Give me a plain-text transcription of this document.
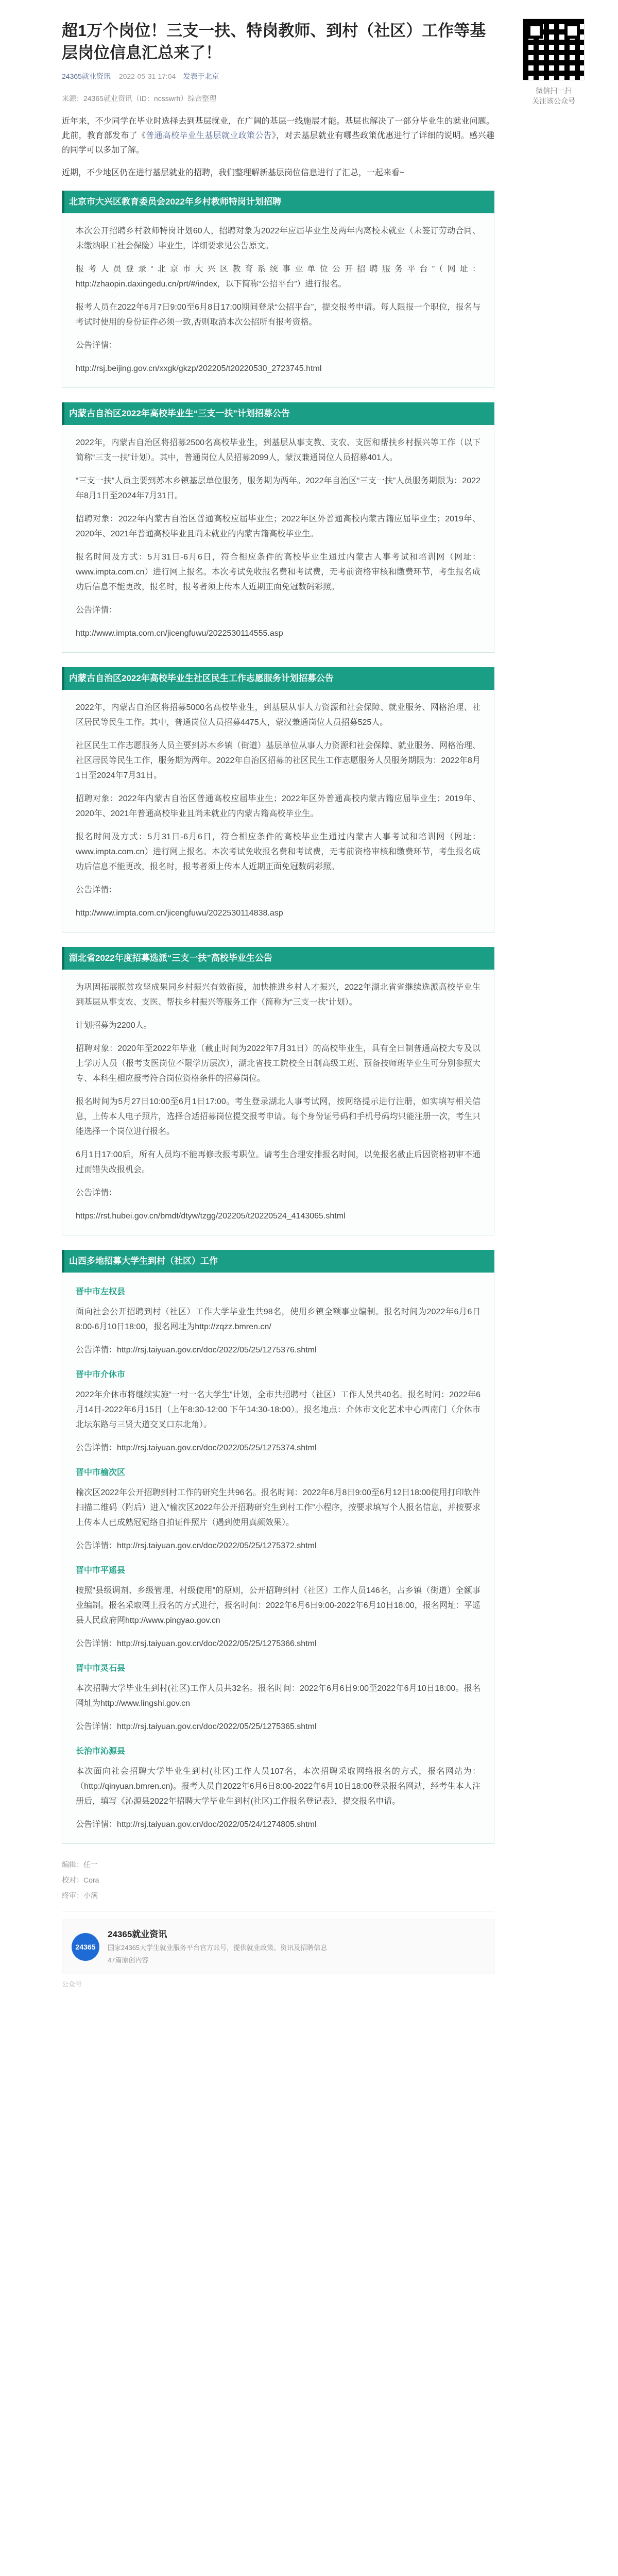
微信扫一扫
关注该公众号
超1万个岗位！三支一扶、特岗教师、到村（社区）工作等基层岗位信息汇总来了！
24365就业资讯 2022-05-31 17:04 发表于北京
来源：24365就业资讯（ID：ncsswrh）综合整理

近年来，不少同学在毕业时选择去到基层就业，在广阔的基层一线施展才能。基层也解决了一部分毕业生的就业问题。此前，教育部发布了《普通高校毕业生基层就业政策公告》，对去基层就业有哪些政策优惠进行了详细的说明。感兴趣的同学可以多加了解。

近期，不少地区仍在进行基层就业的招聘，我们整理解新基层岗位信息进行了汇总，一起来看~

北京市大兴区教育委员会2022年乡村教师特岗计划招聘

本次公开招聘乡村教师特岗计划60人，招聘对象为2022年应届毕业生及两年内离校未就业（未签订劳动合同、未缴纳职工社会保险）毕业生，详细要求见公告原文。

报考人员登录“北京市大兴区教育系统事业单位公开招聘服务平台”（网址：http://zhaopin.daxingedu.cn/prt/#/index，以下简称“公招平台”）进行报名。

报考人员在2022年6月7日9:00至6月8日17:00期间登录“公招平台”，提交报考申请。每人限报一个职位，报名与考试时使用的身份证件必须一致,否则取消本次公招所有报考资格。

公告详情：

http://rsj.beijing.gov.cn/xxgk/gkzp/202205/t20220530_2723745.html

内蒙古自治区2022年高校毕业生“三支一扶”计划招募公告

2022年，内蒙古自治区将招募2500名高校毕业生，到基层从事支教、支农、支医和帮扶乡村振兴等工作（以下简称“三支一扶”计划）。其中，普通岗位人员招募2099人，蒙汉兼通岗位人员招募401人。

“三支一扶”人员主要到苏木乡镇基层单位服务，服务期为两年。2022年自治区“三支一扶”人员服务期限为：2022年8月1日至2024年7月31日。

招聘对象：2022年内蒙古自治区普通高校应届毕业生；2022年区外普通高校内蒙古籍应届毕业生；2019年、2020年、2021年普通高校毕业且尚未就业的内蒙古籍高校毕业生。

报名时间及方式：5月31日-6月6日，符合相应条件的高校毕业生通过内蒙古人事考试和培训网（网址：www.impta.com.cn）进行网上报名。本次考试免收报名费和考试费，无考前资格审核和缴费环节，考生报名成功后信息不能更改，报名时，报考者须上传本人近期正面免冠数码彩照。

公告详情：

http://www.impta.com.cn/jicengfuwu/2022530114555.asp

内蒙古自治区2022年高校毕业生社区民生工作志愿服务计划招募公告

2022年，内蒙古自治区将招募5000名高校毕业生，到基层从事人力资源和社会保障、就业服务、网格治理、社区居民等民生工作。其中，普通岗位人员招募4475人，蒙汉兼通岗位人员招募525人。

社区民生工作志愿服务人员主要到苏木乡镇（街道）基层单位从事人力资源和社会保障、就业服务、网格治理、社区居民等民生工作，服务期为两年。2022年自治区招募的社区民生工作志愿服务人员服务期限为：2022年8月1日至2024年7月31日。

招聘对象：2022年内蒙古自治区普通高校应届毕业生；2022年区外普通高校内蒙古籍应届毕业生；2019年、2020年、2021年普通高校毕业且尚未就业的内蒙古籍高校毕业生。

报名时间及方式：5月31日-6月6日，符合相应条件的高校毕业生通过内蒙古人事考试和培训网（网址：www.impta.com.cn）进行网上报名。本次考试免收报名费和考试费，无考前资格审核和缴费环节，考生报名成功后信息不能更改，报名时，报考者须上传本人近期正面免冠数码彩照。

公告详情：

http://www.impta.com.cn/jicengfuwu/2022530114838.asp

湖北省2022年度招募选派“三支一扶”高校毕业生公告

为巩固拓展脱贫攻坚成果同乡村振兴有效衔接，加快推进乡村人才振兴，2022年湖北省省继续选派高校毕业生到基层从事支农、支医、帮扶乡村振兴等服务工作（简称为“三支一扶”计划）。

计划招募为2200人。

招聘对象：2020年至2022年毕业（截止时间为2022年7月31日）的高校毕业生，具有全日制普通高校大专及以上学历人员（报考支医岗位不限学历层次），湖北省技工院校全日制高级工班、预备技师班毕业生可分别参照大专、本科生相应报考符合岗位资格条件的招募岗位。

报名时间为5月27日10:00至6月1日17:00。考生登录湖北人事考试网，按网络提示进行注册，如实填写相关信息，上传本人电子照片，选择合适招募岗位提交报考申请。每个身份证号码和手机号码均只能注册一次，考生只能选择一个岗位进行报名。

6月1日17:00后，所有人员均不能再修改报考职位。请考生合理安排报名时间，以免报名截止后因资格初审不通过而错失改报机会。

公告详情：

https://rst.hubei.gov.cn/bmdt/dtyw/tzgg/202205/t20220524_4143065.shtml

山西多地招募大学生到村（社区）工作
晋中市左权县

面向社会公开招聘到村（社区）工作大学毕业生共98名，使用乡镇全额事业编制。报名时间为2022年6月6日8:00-6月10日18:00，报名网址为http://zqzz.bmren.cn/

公告详情：http://rsj.taiyuan.gov.cn/doc/2022/05/25/1275376.shtml

晋中市介休市

2022年介休市将继续实施“一村一名大学生”计划，全市共招聘村（社区）工作人员共40名。报名时间：2022年6月14日-2022年6月15日（上午8:30-12:00 下午14:30-18:00）。报名地点：介休市文化艺术中心西南门（介休市北坛东路与三贤大道交叉口东北角）。

公告详情：http://rsj.taiyuan.gov.cn/doc/2022/05/25/1275374.shtml

晋中市榆次区

榆次区2022年公开招聘到村工作的研究生共96名。报名时间：2022年6月8日9:00至6月12日18:00使用打印软件扫描二维码（附后）进入“榆次区2022年公开招聘研究生到村工作”小程序，按要求填写个人报名信息，并按要求上传本人已成熟冠冠络自拍证件照片（遇到使用真颜效果）。

公告详情：http://rsj.taiyuan.gov.cn/doc/2022/05/25/1275372.shtml

晋中市平遥县

按照“县级调剂、乡级管理、村级使用”的原则，公开招聘到村（社区）工作人员146名，占乡镇（街道）全额事业编制。报名采取网上报名的方式进行，报名时间：2022年6月6日9:00-2022年6月10日18:00，报名网址：平遥县人民政府网http://www.pingyao.gov.cn

公告详情：http://rsj.taiyuan.gov.cn/doc/2022/05/25/1275366.shtml

晋中市灵石县

本次招聘大学毕业生到村(社区)工作人员共32名。报名时间：2022年6月6日9:00至2022年6月10日18:00。报名网址为http://www.lingshi.gov.cn

公告详情：http://rsj.taiyuan.gov.cn/doc/2022/05/25/1275365.shtml

长治市沁源县

本次面向社会招聘大学毕业生到村(社区)工作人员107名，本次招聘采取网络报名的方式，报名网站为：（http://qinyuan.bmren.cn)。报考人员自2022年6月6日8:00-2022年6月10日18:00登录报名网站，经考生本人注册后，填写《沁源县2022年招聘大学毕业生到村(社区)工作报名登记表》，提交报名申请。

公告详情：http://rsj.taiyuan.gov.cn/doc/2022/05/24/1274805.shtml

编辑：任一
校对：Cora
终审：小满
24365
24365就业资讯
国家24365大学生就业服务平台官方账号，提供就业政策、资讯及招聘信息
47篇原创内容
公众号
